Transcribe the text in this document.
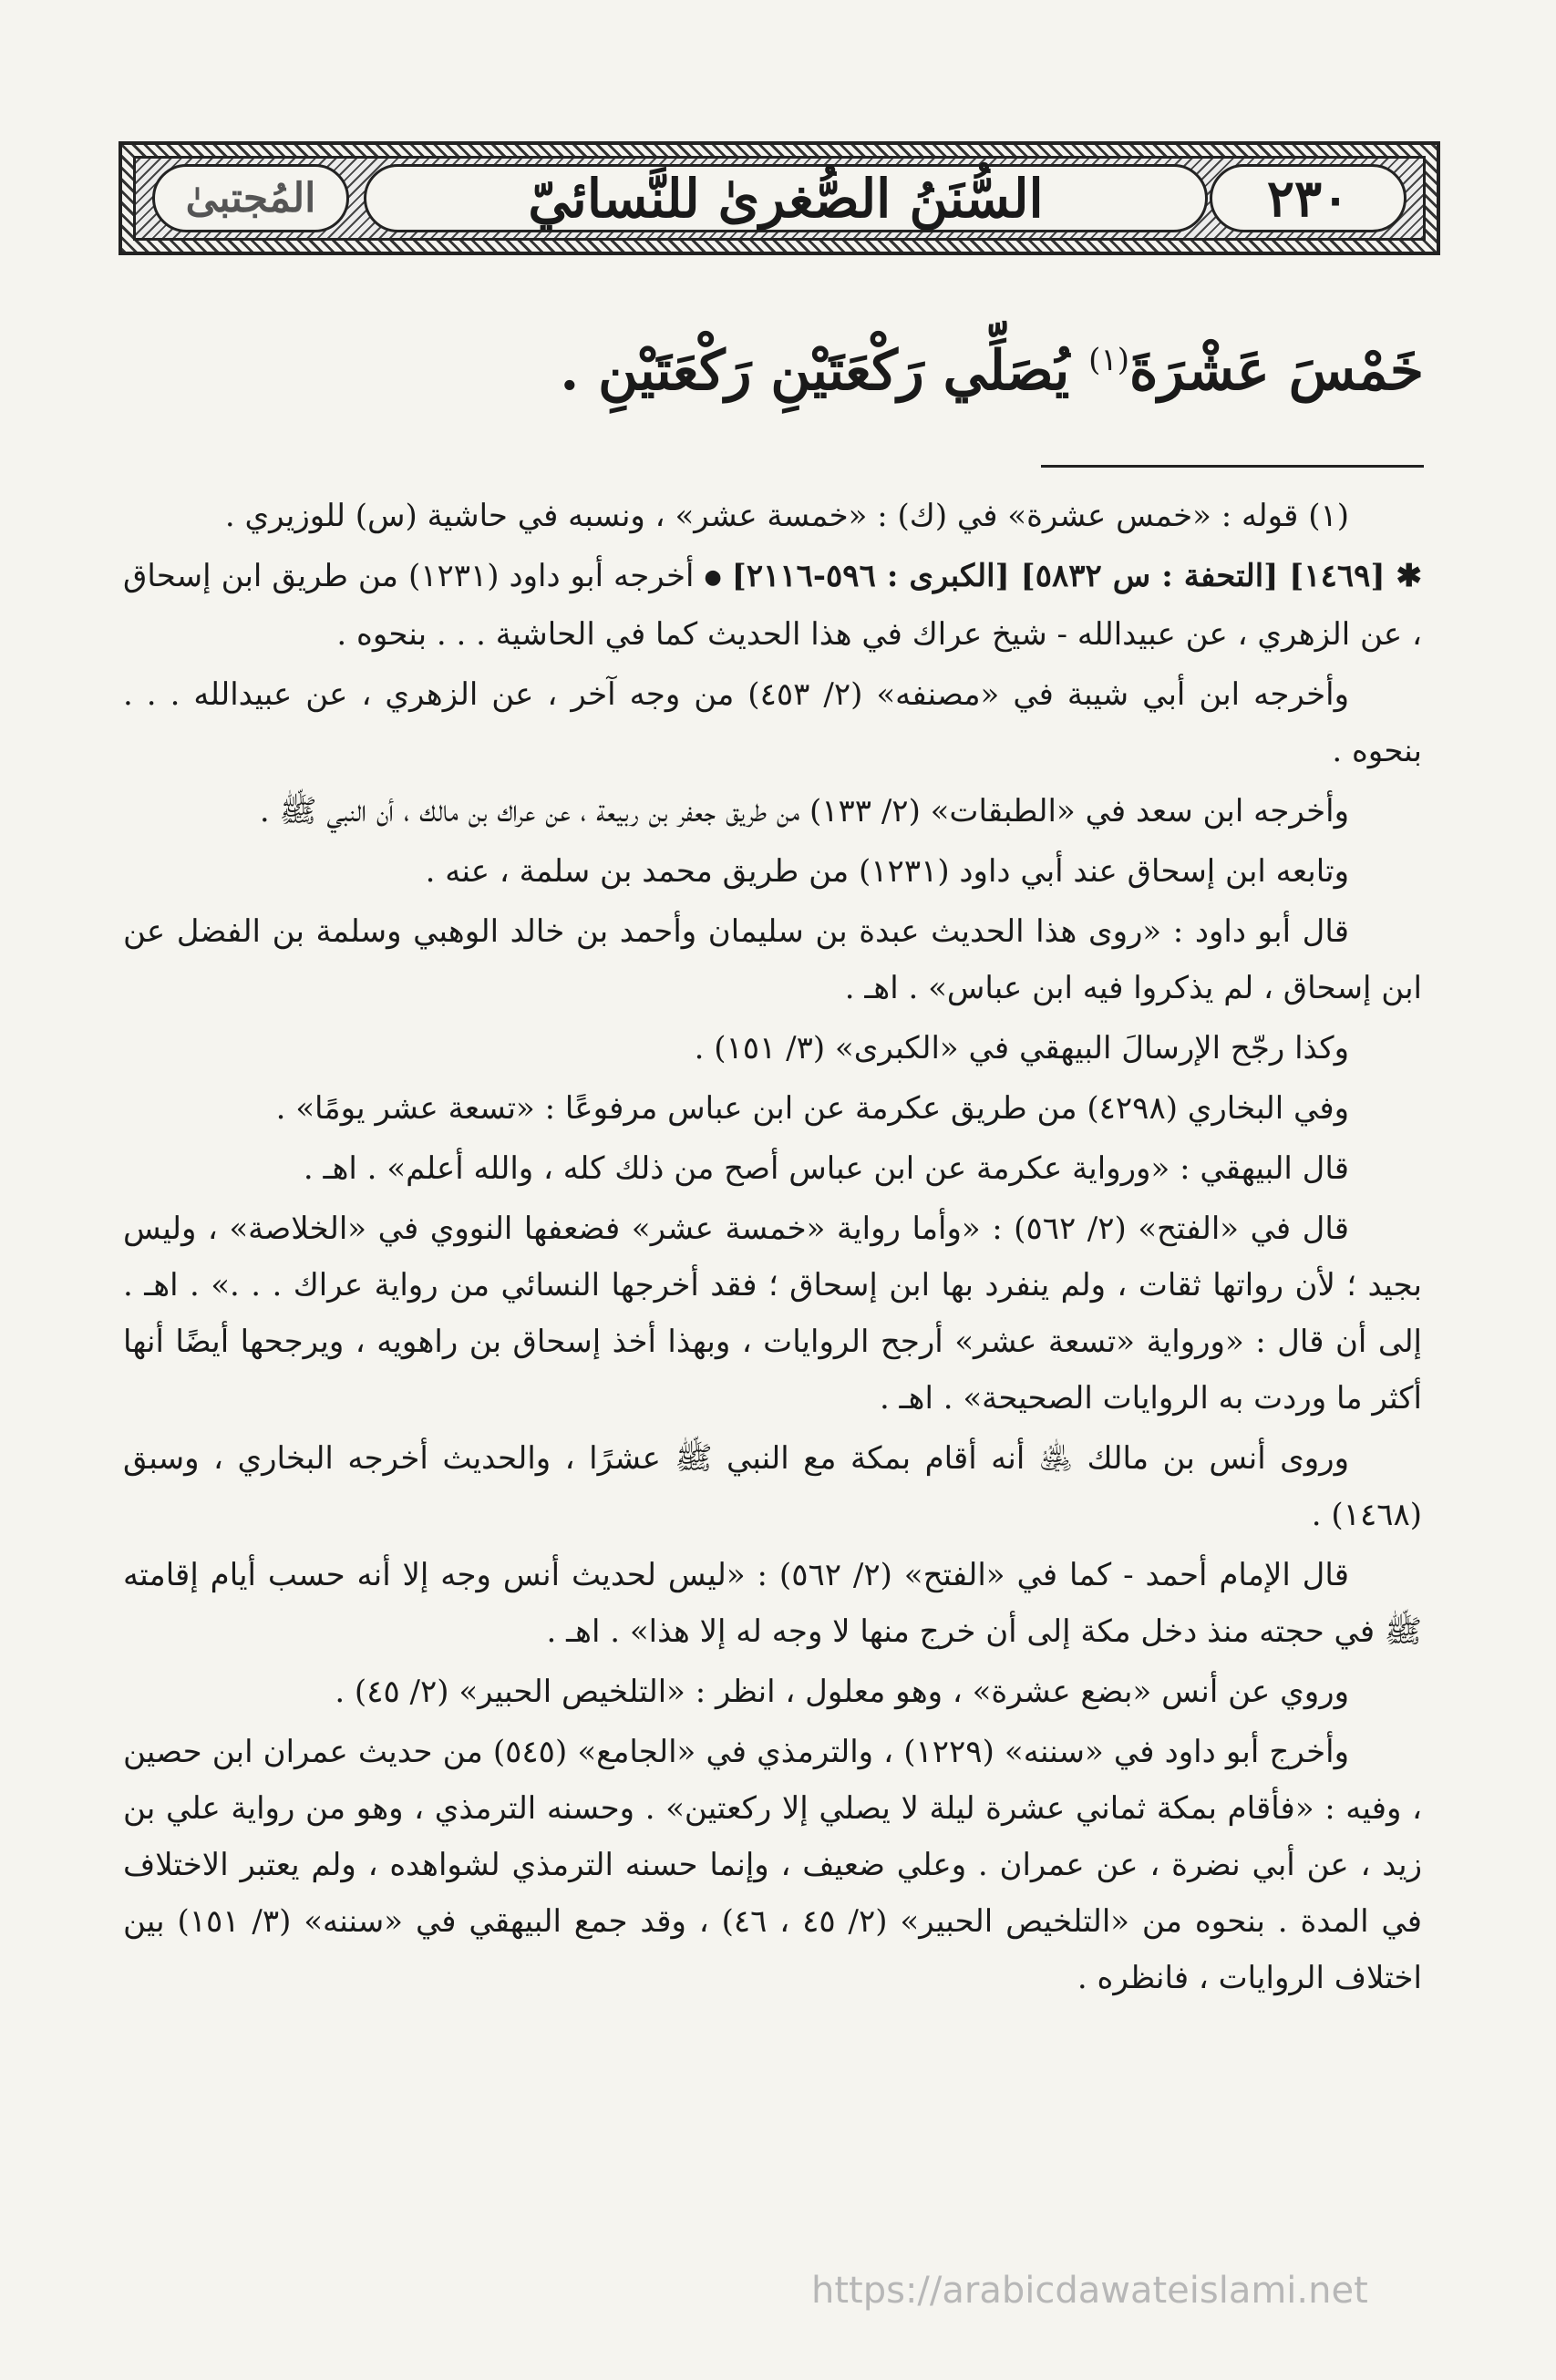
المُجتبىٰ	السُّنَنُ الصُّغرىٰ للنَّسائيّ	٢٣٠
خَمْسَ عَشْرَةَ$^{(١)}$ يُصَلِّي رَكْعَتَيْنِ رَكْعَتَيْنِ .

(١) قوله : «خمس عشرة» في (ك) : «خمسة عشر» ، ونسبه في حاشية (س) للوزيري .

✱ [١٤٦٩] [التحفة : س ٥٨٣٢] [الكبرى : ٥٩٦-٢١١٦] ● أخرجه أبو داود (١٢٣١) من طريق ابن إسحاق ، عن الزهري ، عن عبيدالله - شيخ عراك في هذا الحديث كما في الحاشية . . . بنحوه .

وأخرجه ابن أبي شيبة في «مصنفه» (٢/ ٤٥٣) من وجه آخر ، عن الزهري ، عن عبيدالله . . . بنحوه .

وأخرجه ابن سعد في «الطبقات» (٢/ ١٣٣) من طريق جعفر بن ربيعة ، عن عراك بن مالك ، أن النبي ﷺ .

وتابعه ابن إسحاق عند أبي داود (١٢٣١) من طريق محمد بن سلمة ، عنه .

قال أبو داود : «روى هذا الحديث عبدة بن سليمان وأحمد بن خالد الوهبي وسلمة بن الفضل عن ابن إسحاق ، لم يذكروا فيه ابن عباس» . اهـ .

وكذا رجّح الإرسالَ البيهقي في «الكبرى» (٣/ ١٥١) .

وفي البخاري (٤٢٩٨) من طريق عكرمة عن ابن عباس مرفوعًا : «تسعة عشر يومًا» .

قال البيهقي : «ورواية عكرمة عن ابن عباس أصح من ذلك كله ، والله أعلم» . اهـ .

قال في «الفتح» (٢/ ٥٦٢) : «وأما رواية «خمسة عشر» فضعفها النووي في «الخلاصة» ، وليس بجيد ؛ لأن رواتها ثقات ، ولم ينفرد بها ابن إسحاق ؛ فقد أخرجها النسائي من رواية عراك . . .» . اهـ . إلى أن قال : «ورواية «تسعة عشر» أرجح الروايات ، وبهذا أخذ إسحاق بن راهويه ، ويرجحها أيضًا أنها أكثر ما وردت به الروايات الصحيحة» . اهـ .

وروى أنس بن مالك ﵁ أنه أقام بمكة مع النبي ﷺ عشرًا ، والحديث أخرجه البخاري ، وسبق (١٤٦٨) .

قال الإمام أحمد - كما في «الفتح» (٢/ ٥٦٢) : «ليس لحديث أنس وجه إلا أنه حسب أيام إقامته ﷺ في حجته منذ دخل مكة إلى أن خرج منها لا وجه له إلا هذا» . اهـ .

وروي عن أنس «بضع عشرة» ، وهو معلول ، انظر : «التلخيص الحبير» (٢/ ٤٥) .

وأخرج أبو داود في «سننه» (١٢٢٩) ، والترمذي في «الجامع» (٥٤٥) من حديث عمران ابن حصين ، وفيه : «فأقام بمكة ثماني عشرة ليلة لا يصلي إلا ركعتين» . وحسنه الترمذي ، وهو من رواية علي بن زيد ، عن أبي نضرة ، عن عمران . وعلي ضعيف ، وإنما حسنه الترمذي لشواهده ، ولم يعتبر الاختلاف في المدة . بنحوه من «التلخيص الحبير» (٢/ ٤٥ ، ٤٦) ، وقد جمع البيهقي في «سننه» (٣/ ١٥١) بين اختلاف الروايات ، فانظره .

https://arabicdawateislami.net
